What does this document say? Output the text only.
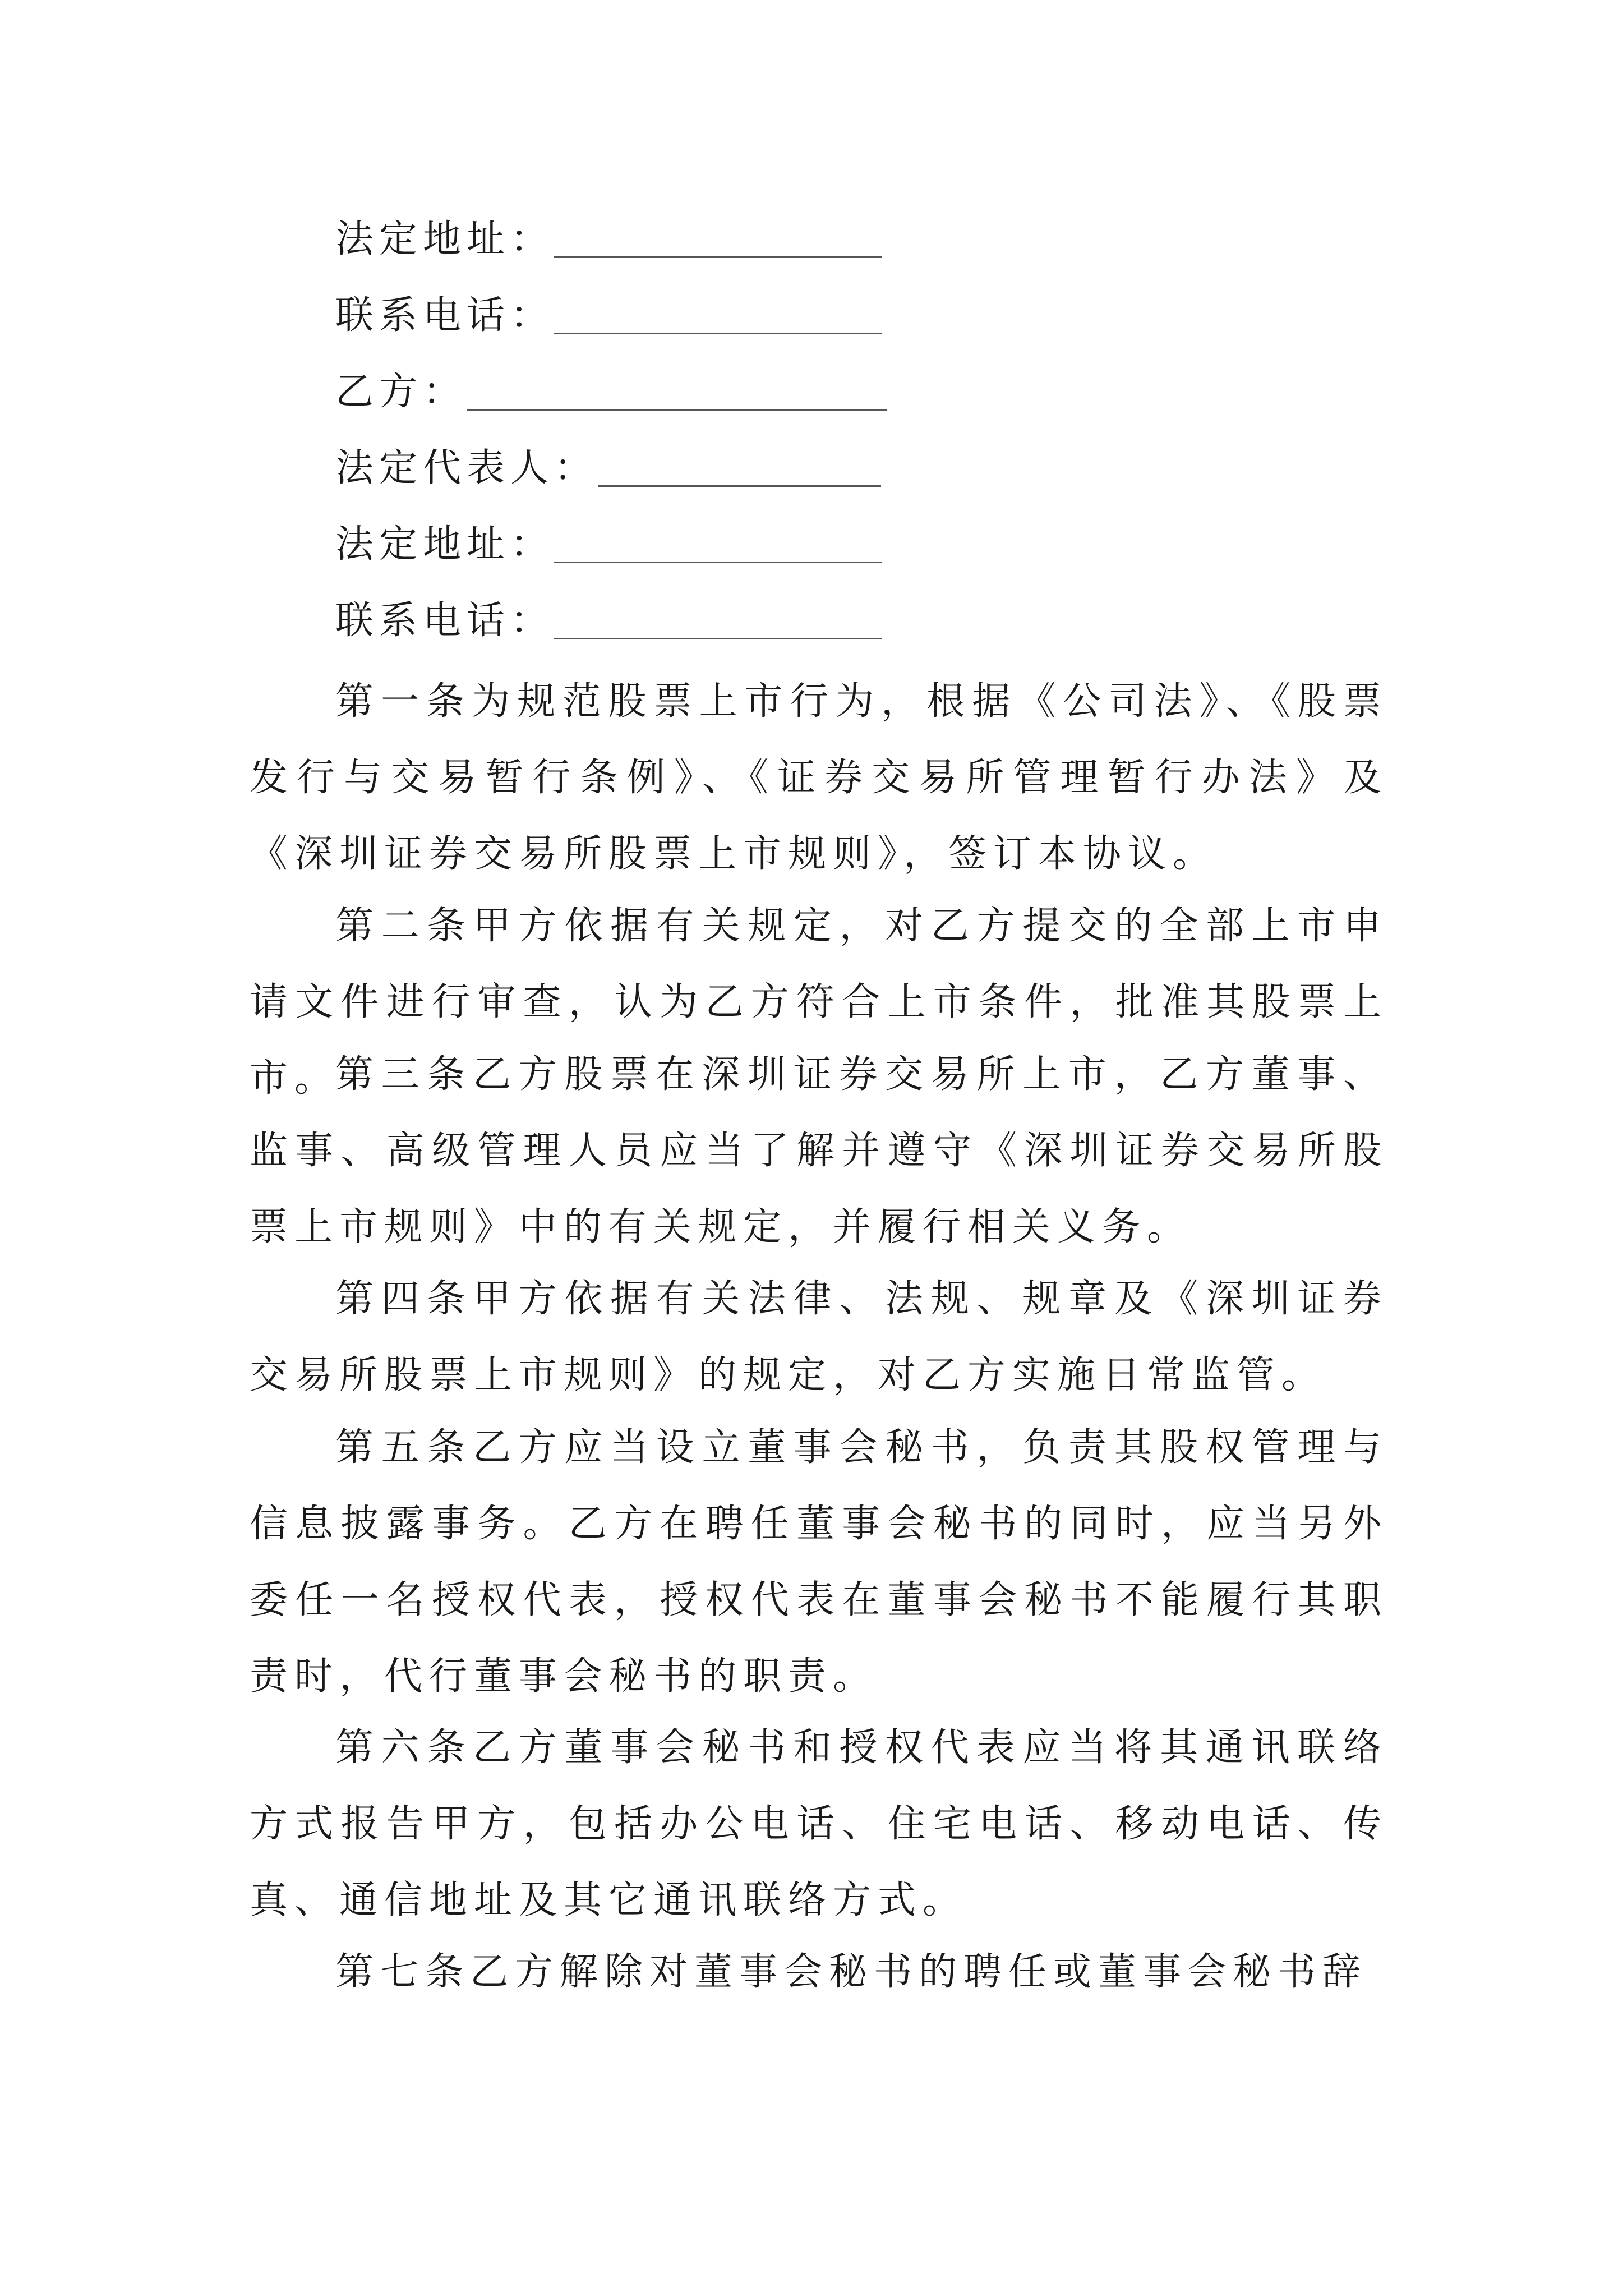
法定地址：
联系电话：
乙方：
法定代表人：
法定地址：
联系电话：

第一条为规范股票上市行为，根据《公司法》、《股票发行与交易暂行条例》、《证券交易所管理暂行办法》及《深圳证券交易所股票上市规则》，签订本协议。

第二条甲方依据有关规定，对乙方提交的全部上市申请文件进行审查，认为乙方符合上市条件，批准其股票上市。

第三条乙方股票在深圳证券交易所上市，乙方董事、监事、高级管理人员应当了解并遵守《深圳证券交易所股票上市规则》中的有关规定，并履行相关义务。

第四条甲方依据有关法律、法规、规章及《深圳证券交易所股票上市规则》的规定，对乙方实施日常监管。

第五条乙方应当设立董事会秘书，负责其股权管理与信息披露事务。乙方在聘任董事会秘书的同时，应当另外委任一名授权代表，授权代表在董事会秘书不能履行其职责时，代行董事会秘书的职责。

第六条乙方董事会秘书和授权代表应当将其通讯联络方式报告甲方，包括办公电话、住宅电话、移动电话、传真、通信地址及其它通讯联络方式。

第七条乙方解除对董事会秘书的聘任或董事会秘书辞
